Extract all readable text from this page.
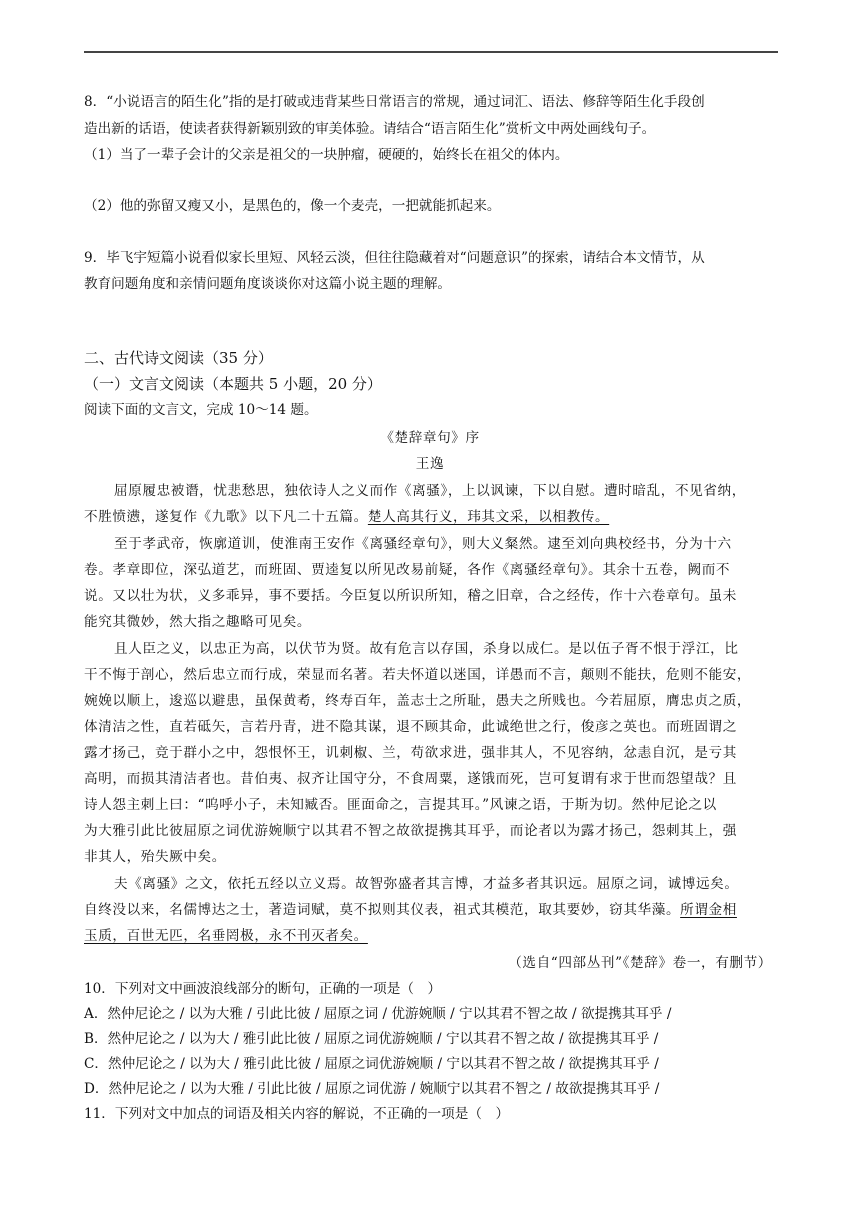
8．“小说语言的陌生化”指的是打破或违背某些日常语言的常规，通过词汇、语法、修辞等陌生化手段创
造出新的话语，使读者获得新颖别致的审美体验。请结合“语言陌生化”赏析文中两处画线句子。
（1）当了一辈子会计的父亲是祖父的一块肿瘤，硬硬的，始终长在祖父的体内。
（2）他的弥留又瘦又小，是黑色的，像一个麦壳，一把就能抓起来。
9．毕飞宇短篇小说看似家长里短、风轻云淡，但往往隐藏着对“问题意识”的探索，请结合本文情节，从
教育问题角度和亲情问题角度谈谈你对这篇小说主题的理解。
二、古代诗文阅读（35 分）
（一）文言文阅读（本题共 5 小题，20 分）
阅读下面的文言文，完成 10～14 题。
《楚辞章句》序
王逸
屈原履忠被谮，忧悲愁思，独依诗人之义而作《离骚》，上以讽谏，下以自慰。遭时暗乱，不见省纳，
不胜愤懑，遂复作《九歌》以下凡二十五篇。楚人高其行义，玮其文采，以相教传。
至于孝武帝，恢廓道训，使淮南王安作《离骚经章句》，则大义粲然。逮至刘向典校经书，分为十六
卷。孝章即位，深弘道艺，而班固、贾逵复以所见改易前疑，各作《离骚经章句》。其余十五卷，阙而不
说。又以壮为状，义多乖异，事不要括。今臣复以所识所知，稽之旧章，合之经传，作十六卷章句。虽未
能究其微妙，然大指之趣略可见矣。
且人臣之义，以忠正为高，以伏节为贤。故有危言以存国，杀身以成仁。是以伍子胥不恨于浮江，比
干不悔于剖心，然后忠立而行成，荣显而名著。若夫怀道以迷国，详愚而不言，颠则不能扶，危则不能安，
婉娩以顺上，逡巡以避患，虽保黄耇，终寿百年，盖志士之所耻，愚夫之所贱也。今若屈原，膺忠贞之质，
体清洁之性，直若砥矢，言若丹青，进不隐其谋，退不顾其命，此诚绝世之行，俊彦之英也。而班固谓之
露才扬己，竞于群小之中，怨恨怀王，讥刺椒、兰，苟欲求进，强非其人，不见容纳，忿恚自沉，是亏其
高明，而损其清洁者也。昔伯夷、叔齐让国守分，不食周粟，遂饿而死，岂可复谓有求于世而怨望哉？且
诗人怨主刺上曰：“呜呼小子，未知臧否。匪面命之，言提其耳。”风谏之语，于斯为切。然仲尼论之以
为大雅引此比彼屈原之词优游婉顺宁以其君不智之故欲提携其耳乎，而论者以为露才扬己，怨刺其上，强
非其人，殆失厥中矣。
夫《离骚》之文，依托五经以立义焉。故智弥盛者其言博，才益多者其识远。屈原之词，诚博远矣。
自终没以来，名儒博达之士，著造词赋，莫不拟则其仪表，祖式其模范，取其要妙，窃其华藻。所谓金相
玉质，百世无匹，名垂罔极，永不刊灭者矣。
（选自“四部丛刊”《楚辞》卷一，有删节）
10．下列对文中画波浪线部分的断句，正确的一项是（　）
A．然仲尼论之 / 以为大雅 / 引此比彼 / 屈原之词 / 优游婉顺 / 宁以其君不智之故 / 欲提携其耳乎 /
B．然仲尼论之 / 以为大 / 雅引此比彼 / 屈原之词优游婉顺 / 宁以其君不智之故 / 欲提携其耳乎 /
C．然仲尼论之 / 以为大 / 雅引此比彼 / 屈原之词优游婉顺 / 宁以其君不智之故 / 欲提携其耳乎 /
D．然仲尼论之 / 以为大雅 / 引此比彼 / 屈原之词优游 / 婉顺宁以其君不智之 / 故欲提携其耳乎 /
11．下列对文中加点的词语及相关内容的解说，不正确的一项是（　）
